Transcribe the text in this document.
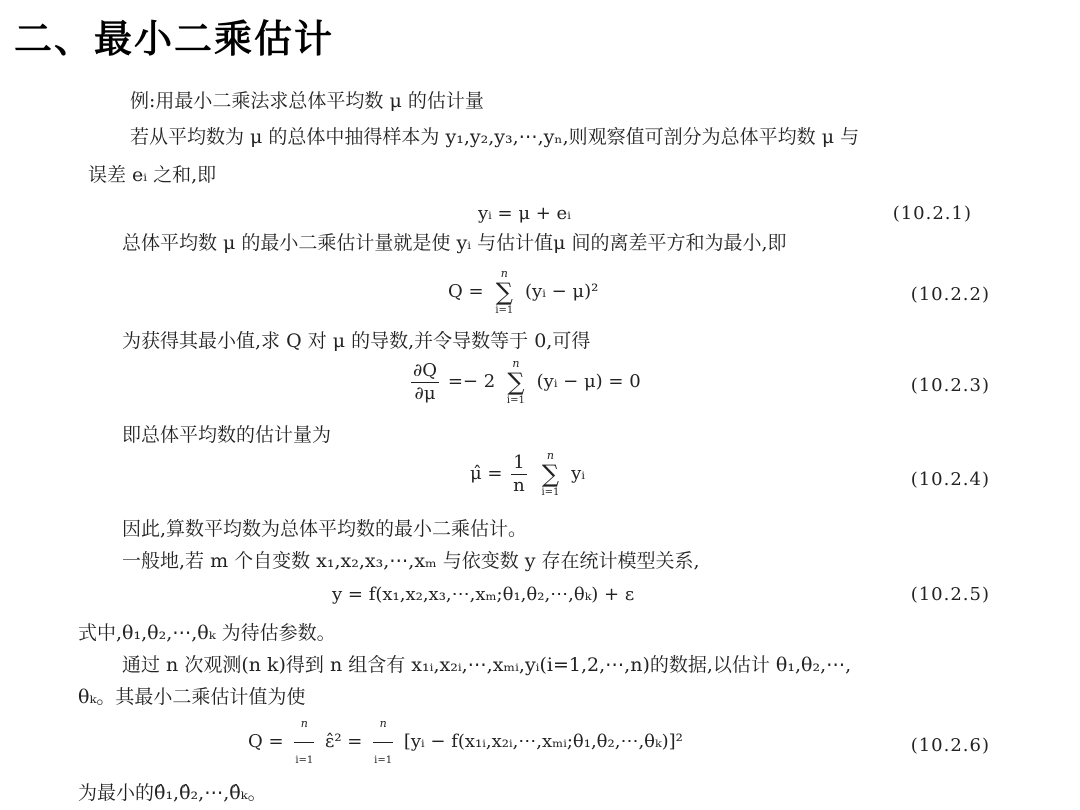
二、最小二乘估计
例:用最小二乘法求总体平均数 μ 的估计量
若从平均数为 μ 的总体中抽得样本为 y₁,y₂,y₃,⋯,yₙ,则观察值可剖分为总体平均数 μ 与
误差 eᵢ 之和,即
yᵢ = μ + eᵢ	(10.2.1)
总体平均数 μ 的最小二乘估计量就是使 yᵢ 与估计值μ 间的离差平方和为最小,即
Q =
n
∑
i=1
(yᵢ − μ)²	(10.2.2)
为获得其最小值,求 Q 对 μ 的导数,并令导数等于 0,可得
$\frac{\partial Q}{\partial\mu} =- 2$
n
∑
i=1
(yᵢ − μ) = 0	(10.2.3)
即总体平均数的估计量为
μ̂ = $\frac{1}{n}$
	n
∑
i=1
yᵢ	(10.2.4)
因此,算数平均数为总体平均数的最小二乘估计。
一般地,若 m 个自变数 x₁,x₂,x₃,⋯,xₘ 与依变数 y 存在统计模型关系,
y = f(x₁,x₂,x₃,⋯,xₘ;θ₁,θ₂,⋯,θₖ) + ε	(10.2.5)
式中,θ₁,θ₂,⋯,θₖ 为待估参数。
通过 n 次观测(n k)得到 n 组含有 x₁ᵢ,x₂ᵢ,⋯,xₘᵢ,yᵢ(i=1,2,⋯,n)的数据,以估计 θ₁,θ₂,⋯,
θₖ。其最小二乘估计值为使
$Q = \frac{n}{i=1}$ ε̂² = $\frac{n}{i=1}$ [yᵢ − f(x₁ᵢ,x₂ᵢ,⋯,xₘᵢ;θ₁,θ₂,⋯,θₖ)]²	(10.2.6)
为最小的θ̂₁,θ̂₂,⋯,θ̂ₖ。
